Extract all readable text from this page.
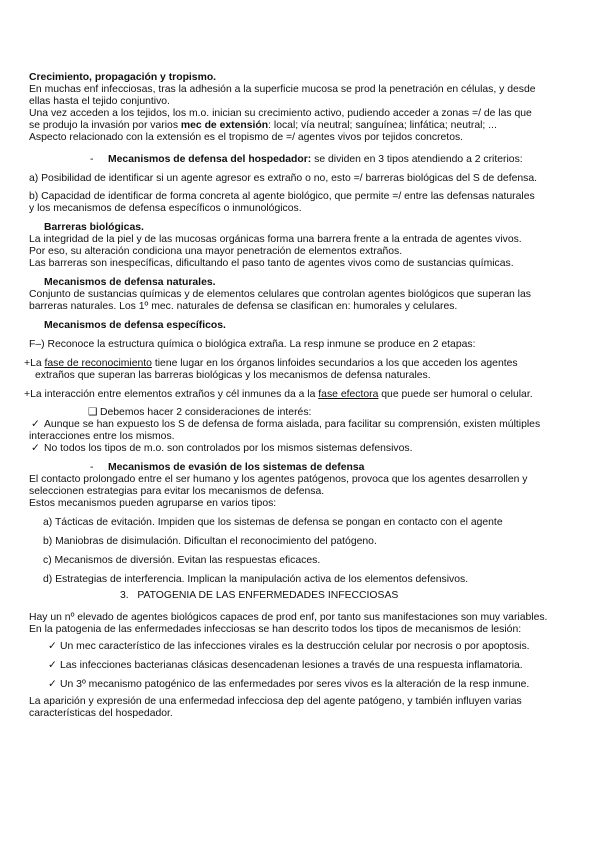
Crecimiento, propagación y tropismo.
En muchas enf infecciosas, tras la adhesión a la superficie mucosa se prod la penetración en células, y desde
ellas hasta el tejido conjuntivo.
Una vez acceden a los tejidos, los m.o. inician su crecimiento activo, pudiendo acceder a zonas =/ de las que
se produjo la invasión por varios mec de extensión: local; vía neutral; sanguínea; linfática; neutral; ...
Aspecto relacionado con la extensión es el tropismo de =/ agentes vivos por tejidos concretos.
- Mecanismos de defensa del hospedador: se dividen en 3 tipos atendiendo a 2 criterios:
a) Posibilidad de identificar si un agente agresor es extraño o no, esto =/ barreras biológicas del S de defensa.
b) Capacidad de identificar de forma concreta al agente biológico, que permite =/ entre las defensas naturales
y los mecanismos de defensa específicos o inmunológicos.
Barreras biológicas.
La integridad de la piel y de las mucosas orgánicas forma una barrera frente a la entrada de agentes vivos.
Por eso, su alteración condiciona una mayor penetración de elementos extraños.
Las barreras son inespecíficas, dificultando el paso tanto de agentes vivos como de sustancias químicas.
Mecanismos de defensa naturales.
Conjunto de sustancias químicas y de elementos celulares que controlan agentes biológicos que superan las
barreras naturales. Los 1º mec. naturales de defensa se clasifican en: humorales y celulares.
Mecanismos de defensa específicos.
F–) Reconoce la estructura química o biológica extraña. La resp inmune se produce en 2 etapas:
+La fase de reconocimiento tiene lugar en los órganos linfoides secundarios a los que acceden los agentes
extraños que superan las barreras biológicas y los mecanismos de defensa naturales.
+La interacción entre elementos extraños y cél inmunes da a la fase efectora que puede ser humoral o celular.
❑ Debemos hacer 2 consideraciones de interés:
✓ Aunque se han expuesto los S de defensa de forma aislada, para facilitar su comprensión, existen múltiples
interacciones entre los mismos.
✓ No todos los tipos de m.o. son controlados por los mismos sistemas defensivos.
- Mecanismos de evasión de los sistemas de defensa
El contacto prolongado entre el ser humano y los agentes patógenos, provoca que los agentes desarrollen y
seleccionen estrategias para evitar los mecanismos de defensa.
Estos mecanismos pueden agruparse en varios tipos:
a) Tácticas de evitación. Impiden que los sistemas de defensa se pongan en contacto con el agente
b) Maniobras de disimulación. Dificultan el reconocimiento del patógeno.
c) Mecanismos de diversión. Evitan las respuestas eficaces.
d) Estrategias de interferencia. Implican la manipulación activa de los elementos defensivos.
3.   PATOGENIA DE LAS ENFERMEDADES INFECCIOSAS
Hay un nº elevado de agentes biológicos capaces de prod enf, por tanto sus manifestaciones son muy variables.
En la patogenia de las enfermedades infecciosas se han descrito todos los tipos de mecanismos de lesión:
✓ Un mec característico de las infecciones virales es la destrucción celular por necrosis o por apoptosis.
✓ Las infecciones bacterianas clásicas desencadenan lesiones a través de una respuesta inflamatoria.
✓ Un 3º mecanismo patogénico de las enfermedades por seres vivos es la alteración de la resp inmune.
La aparición y expresión de una enfermedad infecciosa dep del agente patógeno, y también influyen varias
características del hospedador.
